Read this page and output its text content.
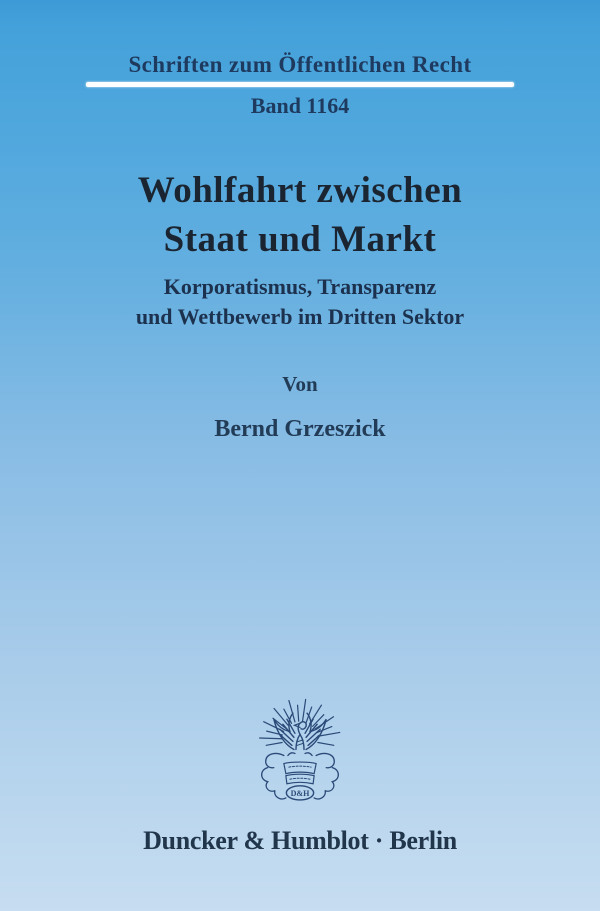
Schriften zum Öffentlichen Recht
Band 1164
Wohlfahrt zwischen
Staat und Markt
Korporatismus, Transparenz
und Wettbewerb im Dritten Sektor
Von
Bernd Grzeszick
D&H
Duncker & Humblot · Berlin
